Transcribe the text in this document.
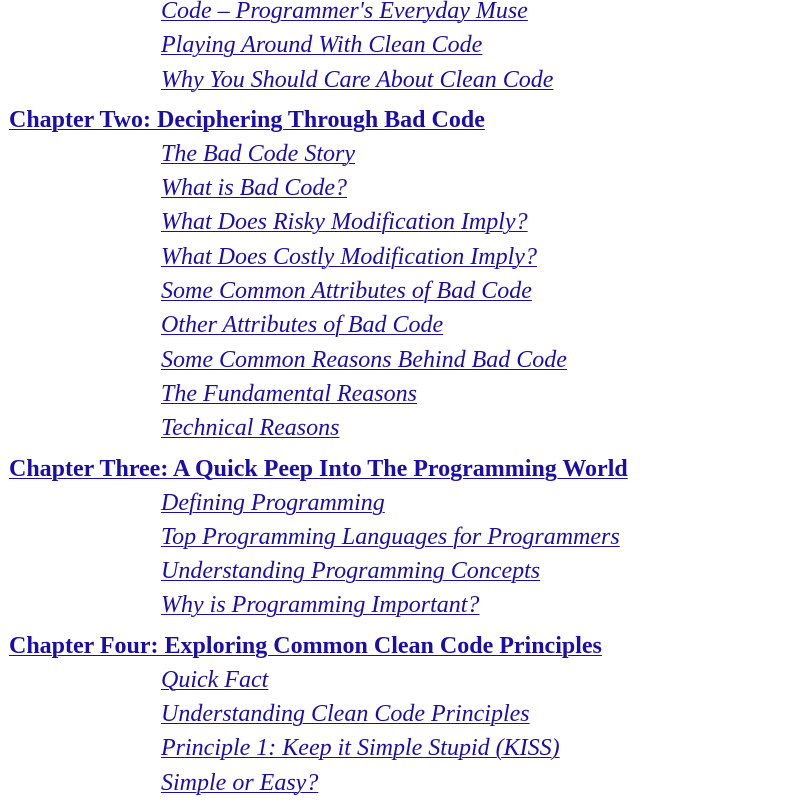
Code – Programmer's Everyday Muse
Playing Around With Clean Code
Why You Should Care About Clean Code
Chapter Two: Deciphering Through Bad Code
The Bad Code Story
What is Bad Code?
What Does Risky Modification Imply?
What Does Costly Modification Imply?
Some Common Attributes of Bad Code
Other Attributes of Bad Code
Some Common Reasons Behind Bad Code
The Fundamental Reasons
Technical Reasons
Chapter Three: A Quick Peep Into The Programming World
Defining Programming
Top Programming Languages for Programmers
Understanding Programming Concepts
Why is Programming Important?
Chapter Four: Exploring Common Clean Code Principles
Quick Fact
Understanding Clean Code Principles
Principle 1: Keep it Simple Stupid (KISS)
Simple or Easy?
